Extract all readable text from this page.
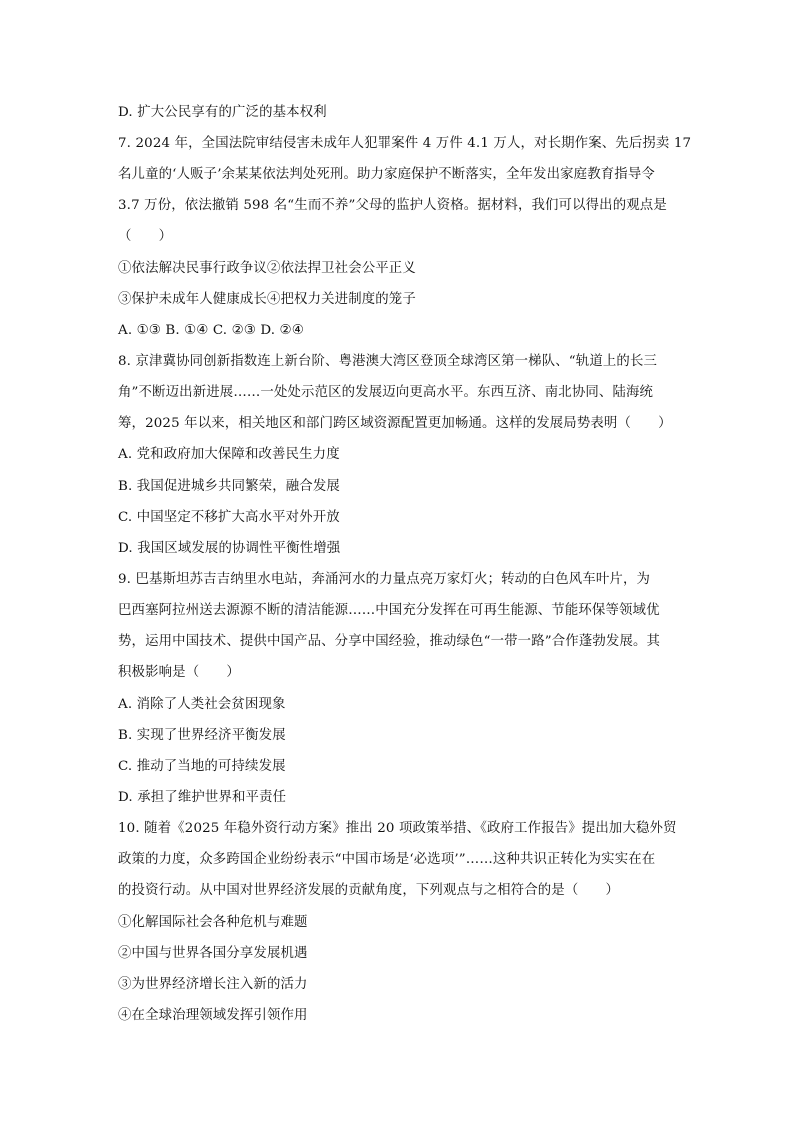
D. 扩大公民享有的广泛的基本权利
7. 2024 年，全国法院审结侵害未成年人犯罪案件 4 万件 4.1 万人，对长期作案、先后拐卖 17
名儿童的‘人贩子’余某某依法判处死刑。助力家庭保护不断落实，全年发出家庭教育指导令
3.7 万份，依法撤销 598 名“生而不养”父母的监护人资格。据材料，我们可以得出的观点是
（　　）
①依法解决民事行政争议②依法捍卫社会公平正义
③保护未成年人健康成长④把权力关进制度的笼子
A. ①③ B. ①④ C. ②③ D. ②④
8. 京津冀协同创新指数连上新台阶、粤港澳大湾区登顶全球湾区第一梯队、“轨道上的长三
角”不断迈出新进展……一处处示范区的发展迈向更高水平。东西互济、南北协同、陆海统
筹，2025 年以来，相关地区和部门跨区域资源配置更加畅通。这样的发展局势表明（　　）
A. 党和政府加大保障和改善民生力度
B. 我国促进城乡共同繁荣，融合发展
C. 中国坚定不移扩大高水平对外开放
D. 我国区域发展的协调性平衡性增强
9. 巴基斯坦苏吉吉纳里水电站，奔涌河水的力量点亮万家灯火；转动的白色风车叶片，为
巴西塞阿拉州送去源源不断的清洁能源……中国充分发挥在可再生能源、节能环保等领域优
势，运用中国技术、提供中国产品、分享中国经验，推动绿色“一带一路”合作蓬勃发展。其
积极影响是（　　）
A. 消除了人类社会贫困现象
B. 实现了世界经济平衡发展
C. 推动了当地的可持续发展
D. 承担了维护世界和平责任
10. 随着《2025 年稳外资行动方案》推出 20 项政策举措、《政府工作报告》提出加大稳外贸
政策的力度，众多跨国企业纷纷表示“中国市场是‘必选项’”……这种共识正转化为实实在在
的投资行动。从中国对世界经济发展的贡献角度，下列观点与之相符合的是（　　）
①化解国际社会各种危机与难题
②中国与世界各国分享发展机遇
③为世界经济增长注入新的活力
④在全球治理领域发挥引领作用
